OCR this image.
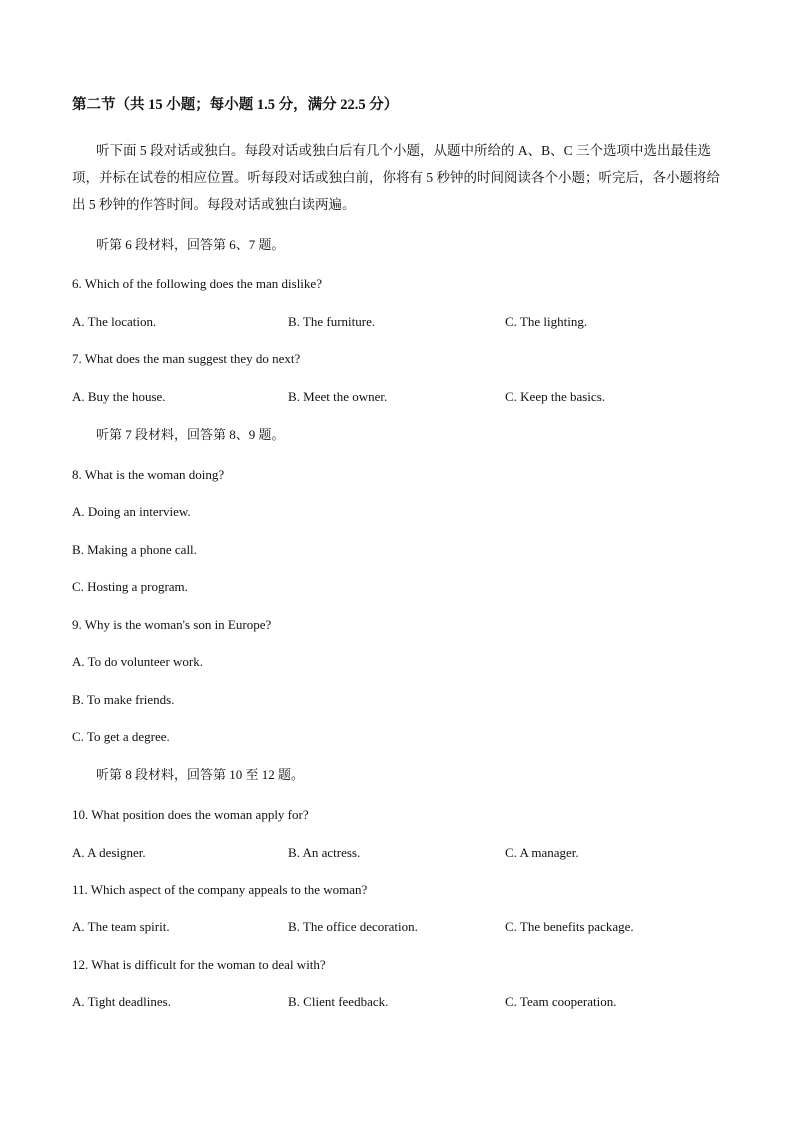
第二节（共 15 小题；每小题 1.5 分，满分 22.5 分）
听下面 5 段对话或独白。每段对话或独白后有几个小题，从题中所给的 A、B、C 三个选项中选出最佳选项，并标在试卷的相应位置。听每段对话或独白前，你将有 5 秒钟的时间阅读各个小题；听完后，各小题将给出 5 秒钟的作答时间。每段对话或独白读两遍。
听第 6 段材料，回答第 6、7 题。
6. Which of the following does the man dislike?
A. The location.	B. The furniture.	C. The lighting.
7. What does the man suggest they do next?
A. Buy the house.	B. Meet the owner.	C. Keep the basics.
听第 7 段材料，回答第 8、9 题。
8. What is the woman doing?
A. Doing an interview.
B. Making a phone call.
C. Hosting a program.
9. Why is the woman's son in Europe?
A. To do volunteer work.
B. To make friends.
C. To get a degree.
听第 8 段材料，回答第 10 至 12 题。
10. What position does the woman apply for?
A. A designer.	B. An actress.	C. A manager.
11. Which aspect of the company appeals to the woman?
A. The team spirit.	B. The office decoration.	C. The benefits package.
12. What is difficult for the woman to deal with?
A. Tight deadlines.	B. Client feedback.	C. Team cooperation.
